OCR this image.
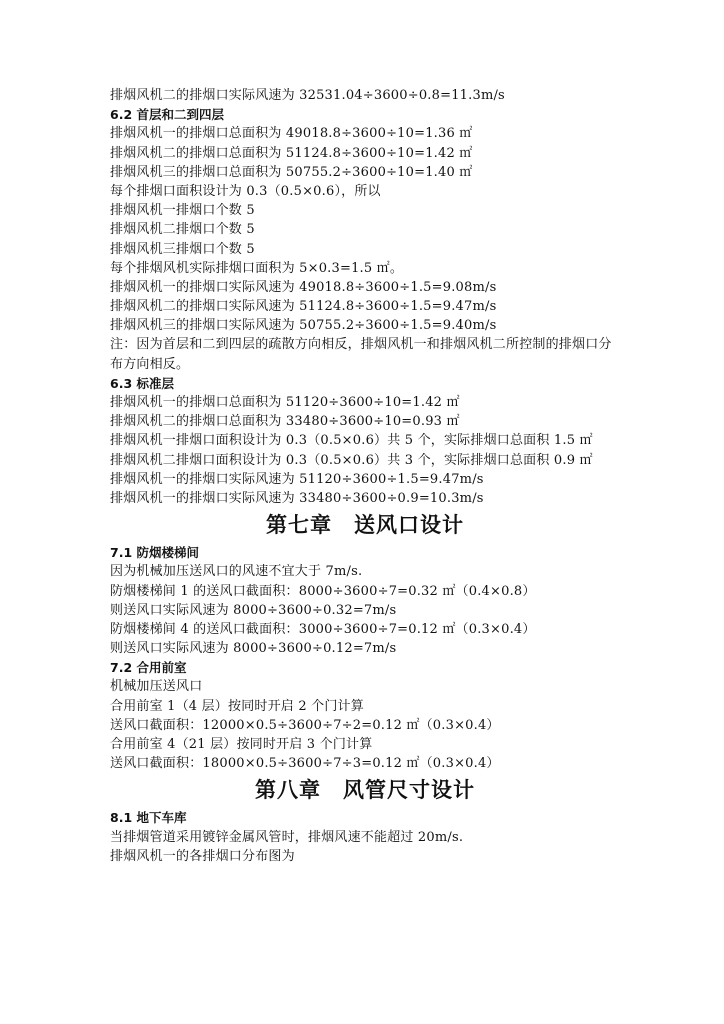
排烟风机二的排烟口实际风速为 32531.04÷3600÷0.8=11.3m/s
6.2 首层和二到四层
排烟风机一的排烟口总面积为 49018.8÷3600÷10=1.36 ㎡
排烟风机二的排烟口总面积为 51124.8÷3600÷10=1.42 ㎡
排烟风机三的排烟口总面积为 50755.2÷3600÷10=1.40 ㎡
每个排烟口面积设计为 0.3（0.5×0.6），所以
排烟风机一排烟口个数 5
排烟风机二排烟口个数 5
排烟风机三排烟口个数 5
每个排烟风机实际排烟口面积为 5×0.3=1.5 ㎡。
排烟风机一的排烟口实际风速为 49018.8÷3600÷1.5=9.08m/s
排烟风机二的排烟口实际风速为 51124.8÷3600÷1.5=9.47m/s
排烟风机三的排烟口实际风速为 50755.2÷3600÷1.5=9.40m/s
注：因为首层和二到四层的疏散方向相反，排烟风机一和排烟风机二所控制的排烟口分布方向相反。
6.3 标准层
排烟风机一的排烟口总面积为 51120÷3600÷10=1.42 ㎡
排烟风机二的排烟口总面积为 33480÷3600÷10=0.93 ㎡
排烟风机一排烟口面积设计为 0.3（0.5×0.6）共 5 个，实际排烟口总面积 1.5 ㎡
排烟风机二排烟口面积设计为 0.3（0.5×0.6）共 3 个，实际排烟口总面积 0.9 ㎡
排烟风机一的排烟口实际风速为 51120÷3600÷1.5=9.47m/s
排烟风机一的排烟口实际风速为 33480÷3600÷0.9=10.3m/s
第七章　送风口设计
7.1 防烟楼梯间
因为机械加压送风口的风速不宜大于 7m/s.
防烟楼梯间 1 的送风口截面积：8000÷3600÷7=0.32 ㎡（0.4×0.8）
则送风口实际风速为 8000÷3600÷0.32=7m/s
防烟楼梯间 4 的送风口截面积：3000÷3600÷7=0.12 ㎡（0.3×0.4）
则送风口实际风速为 8000÷3600÷0.12=7m/s
7.2 合用前室
机械加压送风口
合用前室 1（4 层）按同时开启 2 个门计算
送风口截面积：12000×0.5÷3600÷7÷2=0.12 ㎡（0.3×0.4）
合用前室 4（21 层）按同时开启 3 个门计算
送风口截面积：18000×0.5÷3600÷7÷3=0.12 ㎡（0.3×0.4）
第八章　风管尺寸设计
8.1 地下车库
当排烟管道采用镀锌金属风管时，排烟风速不能超过 20m/s.
排烟风机一的各排烟口分布图为
